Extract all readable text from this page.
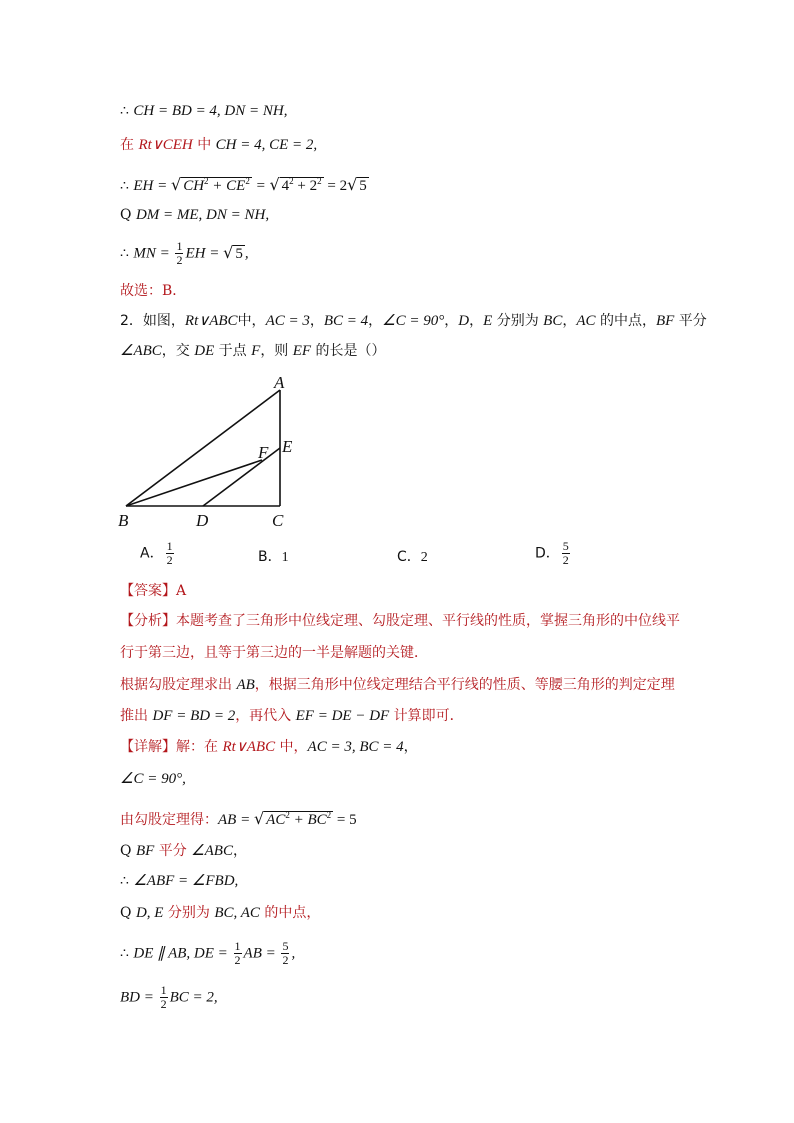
∴ CH = BD = 4, DN = NH,
在 Rt∨CEH 中 CH = 4, CE = 2,
∴ EH = √ $CH^2 + CE^2$ = √ $4^2 + 2^2 = 2√$ 5
Q DM = ME, DN = NH,
∴ MN = $\frac{1}{2}$ EH = √ 5 ,
故选：B．
2．如图，Rt∨ABC中，AC = 3，BC = 4，∠C = 90°，D，E 分别为 BC，AC 的中点，BF 平分
∠ABC，交 DE 于点 F，则 EF 的长是（）
A
B	C
D
E
F
A． $\frac{1}{2}$	B．1	C．2	D． $\frac{5}{2}$
【答案】A
【分析】本题考查了三角形中位线定理、勾股定理、平行线的性质，掌握三角形的中位线平
行于第三边，且等于第三边的一半是解题的关键．
根据勾股定理求出 AB，根据三角形中位线定理结合平行线的性质、等腰三角形的判定定理
推出 DF = BD = 2，再代入 EF = DE − DF 计算即可．
【详解】解：在 Rt∨ABC 中，AC = 3, BC = 4，
∠C = 90°,
由勾股定理得：AB = √ $AC^2 + BC^2 = 5$
Q BF 平分 ∠ABC，
∴ ∠ABF = ∠FBD,
Q D, E 分别为 BC, AC 的中点，
∴ DE ∥ AB, DE = $\frac{1}{2}$ AB = $\frac{5}{2}$ ,
BD = $\frac{1}{2}$ BC = 2,
